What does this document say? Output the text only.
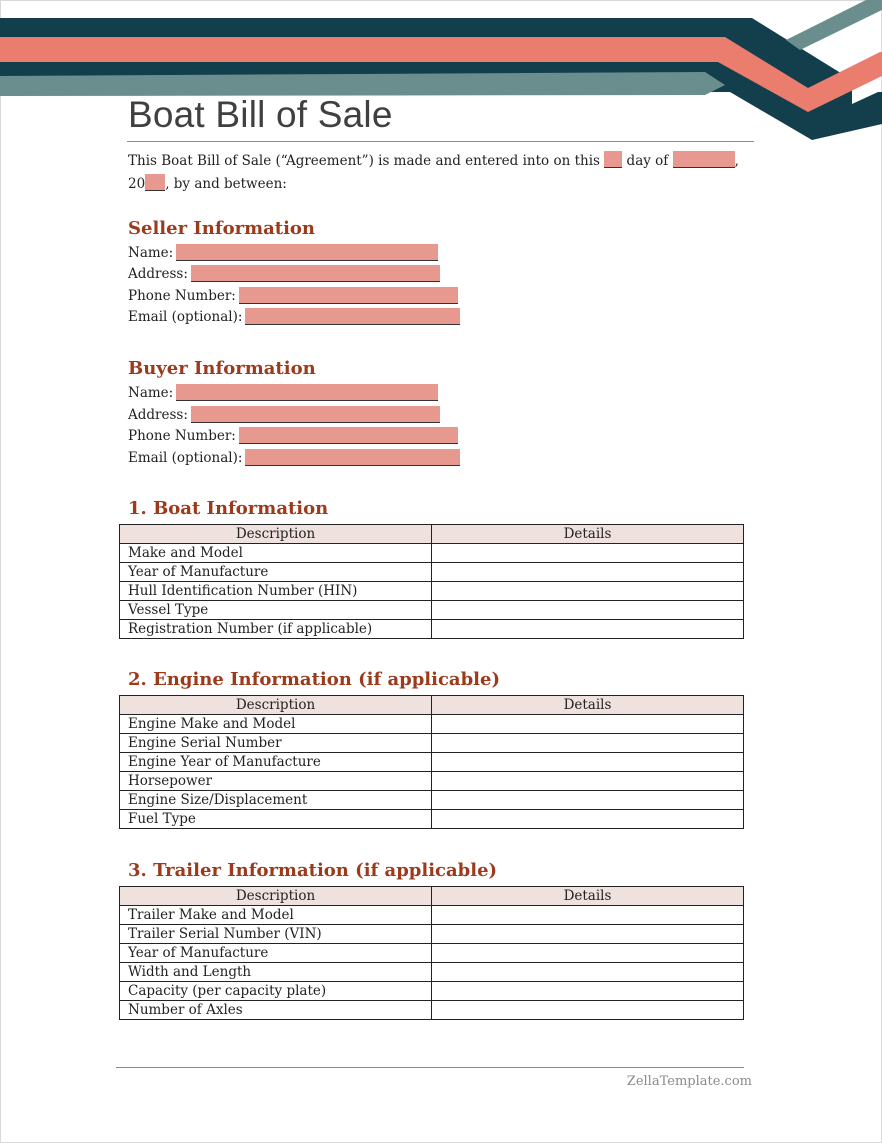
Boat Bill of Sale
This Boat Bill of Sale (“Agreement”) is made and entered into on this day of	,
20 , by and between:
Seller Information
Name:
Address:
Phone Number:
Email (optional):
Buyer Information
Name:
Address:
Phone Number:
Email (optional):
1. Boat Information
Description	Details
Make and Model	
Year of Manufacture	
Hull Identification Number (HIN)	
Vessel Type	
Registration Number (if applicable)	
2. Engine Information (if applicable)
Description	Details
Engine Make and Model	
Engine Serial Number	
Engine Year of Manufacture	
Horsepower	
Engine Size/Displacement	
Fuel Type	
3. Trailer Information (if applicable)
Description	Details
Trailer Make and Model	
Trailer Serial Number (VIN)	
Year of Manufacture	
Width and Length	
Capacity (per capacity plate)	
Number of Axles	
ZellaTemplate.com
